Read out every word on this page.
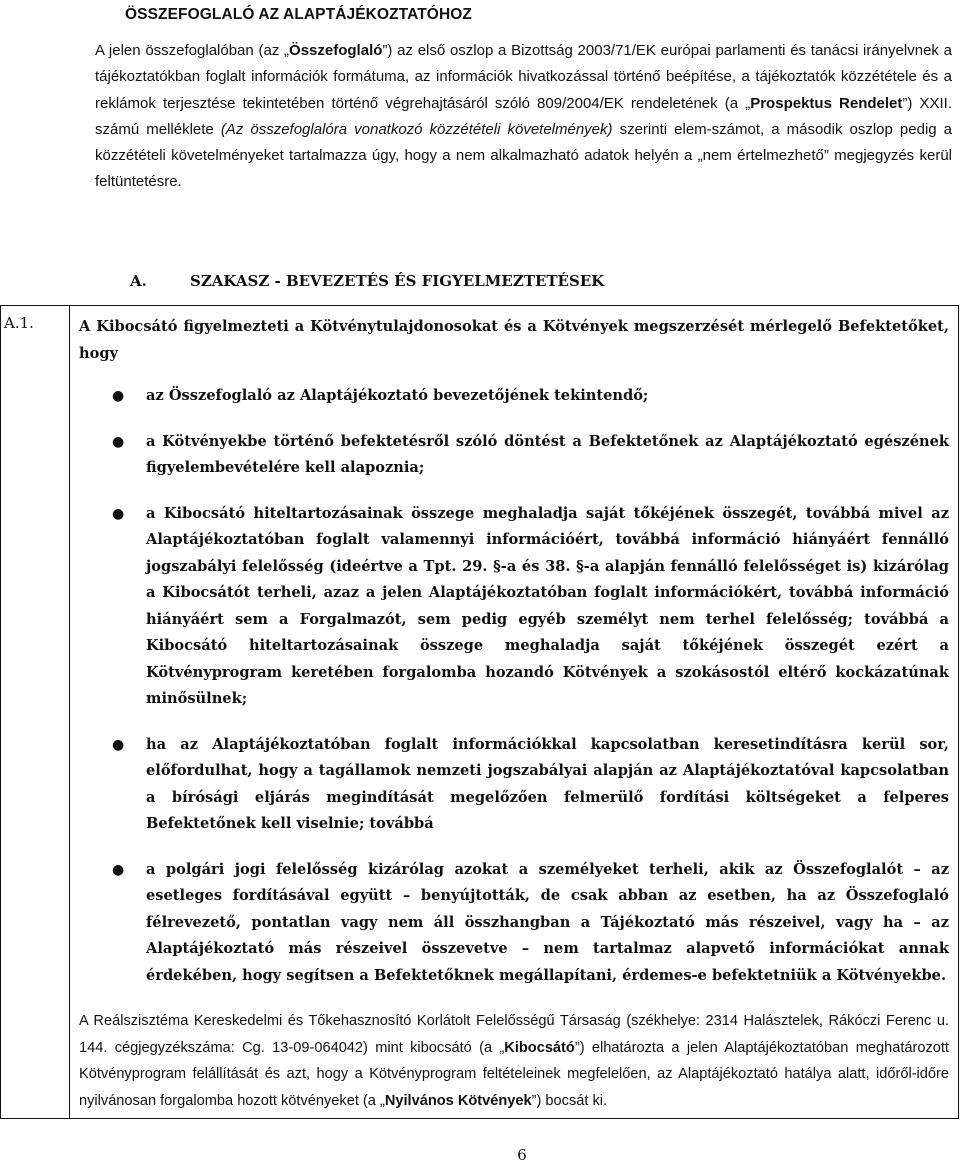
ÖSSZEFOGLALÓ AZ ALAPTÁJÉKOZTATÓHOZ

A jelen összefoglalóban (az „Összefoglaló”) az első oszlop a Bizottság 2003/71/EK európai parlamenti és tanácsi irányelvnek a tájékoztatókban foglalt információk formátuma, az információk hivatkozással történő beépítése, a tájékoztatók közzététele és a reklámok terjesztése tekintetében történő végrehajtásáról szóló 809/2004/EK rendeletének (a „Prospektus Rendelet”) XXII. számú melléklete (Az összefoglalóra vonatkozó közzétételi követelmények) szerinti elem-számot, a második oszlop pedig a közzétételi követelményeket tartalmazza úgy, hogy a nem alkalmazható adatok helyén a „nem értelmezhető” megjegyzés kerül feltüntetésre.

A.	SZAKASZ - BEVEZETÉS ÉS FIGYELMEZTETÉSEK
A.1.	A Kibocsátó figyelmezteti a Kötvénytulajdonosokat és a Kötvények megszerzését mérlegelő Befektetőket, hogy

● az Összefoglaló az Alaptájékoztató bevezetőjének tekintendő;
● a Kötvényekbe történő befektetésről szóló döntést a Befektetőnek az Alaptájékoztató egészének figyelembevételére kell alapoznia;
● a Kibocsátó hiteltartozásainak összege meghaladja saját tőkéjének összegét, továbbá mivel az Alaptájékoztatóban foglalt valamennyi információért, továbbá információ hiányáért fennálló jogszabályi felelősség (ideértve a Tpt. 29. §-a és 38. §-a alapján fennálló felelősséget is) kizárólag a Kibocsátót terheli, azaz a jelen Alaptájékoztatóban foglalt információkért, továbbá információ hiányáért sem a Forgalmazót, sem pedig egyéb személyt nem terhel felelősség; továbbá a Kibocsátó hiteltartozásainak összege meghaladja saját tőkéjének összegét ezért a Kötvényprogram keretében forgalomba hozandó Kötvények a szokásostól eltérő kockázatúnak minősülnek;
● ha az Alaptájékoztatóban foglalt információkkal kapcsolatban keresetindításra kerül sor, előfordulhat, hogy a tagállamok nemzeti jogszabályai alapján az Alaptájékoztatóval kapcsolatban a bírósági eljárás megindítását megelőzően felmerülő fordítási költségeket a felperes Befektetőnek kell viselnie; továbbá
● a polgári jogi felelősség kizárólag azokat a személyeket terheli, akik az Összefoglalót – az esetleges fordításával együtt – benyújtották, de csak abban az esetben, ha az Összefoglaló félrevezető, pontatlan vagy nem áll összhangban a Tájékoztató más részeivel, vagy ha – az Alaptájékoztató más részeivel összevetve – nem tartalmaz alapvető információkat annak érdekében, hogy segítsen a Befektetőknek megállapítani, érdemes-e befektetniük a Kötvényekbe.

A Reálszisztéma Kereskedelmi és Tőkehasznosító Korlátolt Felelősségű Társaság (székhelye: 2314 Halásztelek, Rákóczi Ferenc u. 144. cégjegyzékszáma: Cg. 13-09-064042) mint kibocsátó (a „Kibocsátó”) elhatározta a jelen Alaptájékoztatóban meghatározott Kötvényprogram felállítását és azt, hogy a Kötvényprogram feltételeinek megfelelően, az Alaptájékoztató hatálya alatt, időről-időre nyilvánosan forgalomba hozott kötvényeket (a „Nyilvános Kötvények”) bocsát ki.

6
